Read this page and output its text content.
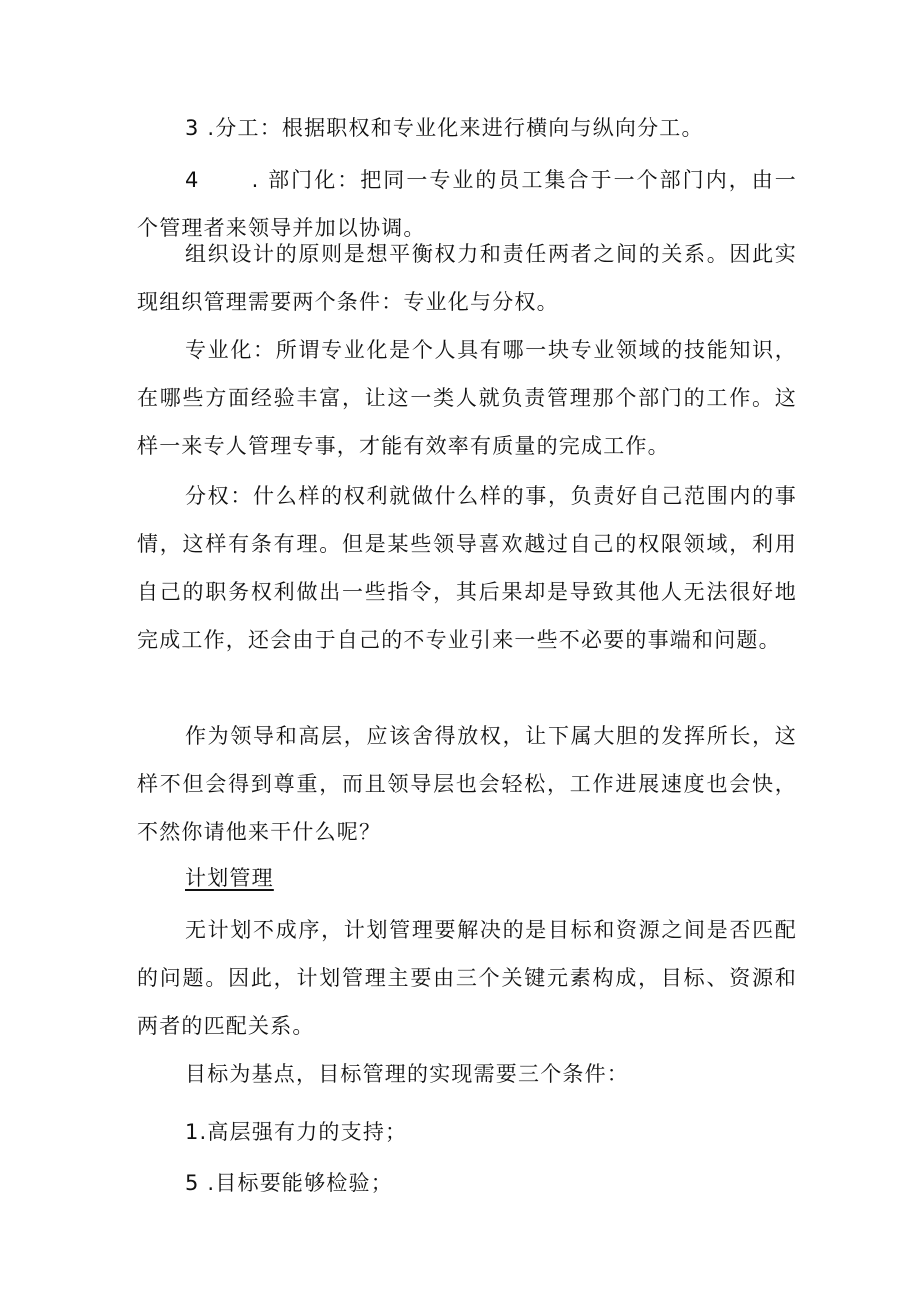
3 .分工：根据职权和专业化来进行横向与纵向分工。

4 . 部门化：把同一专业的员工集合于一个部门内，由一个管理者来领导并加以协调。

组织设计的原则是想平衡权力和责任两者之间的关系。因此实现组织管理需要两个条件：专业化与分权。

专业化：所谓专业化是个人具有哪一块专业领域的技能知识，在哪些方面经验丰富，让这一类人就负责管理那个部门的工作。这样一来专人管理专事，才能有效率有质量的完成工作。

分权：什么样的权利就做什么样的事，负责好自己范围内的事情，这样有条有理。但是某些领导喜欢越过自己的权限领域，利用自己的职务权利做出一些指令，其后果却是导致其他人无法很好地完成工作，还会由于自己的不专业引来一些不必要的事端和问题。

作为领导和高层，应该舍得放权，让下属大胆的发挥所长，这样不但会得到尊重，而且领导层也会轻松，工作进展速度也会快，不然你请他来干什么呢？

计划管理

无计划不成序，计划管理要解决的是目标和资源之间是否匹配的问题。因此，计划管理主要由三个关键元素构成，目标、资源和两者的匹配关系。

目标为基点，目标管理的实现需要三个条件：

1.高层强有力的支持；

5 .目标要能够检验；
